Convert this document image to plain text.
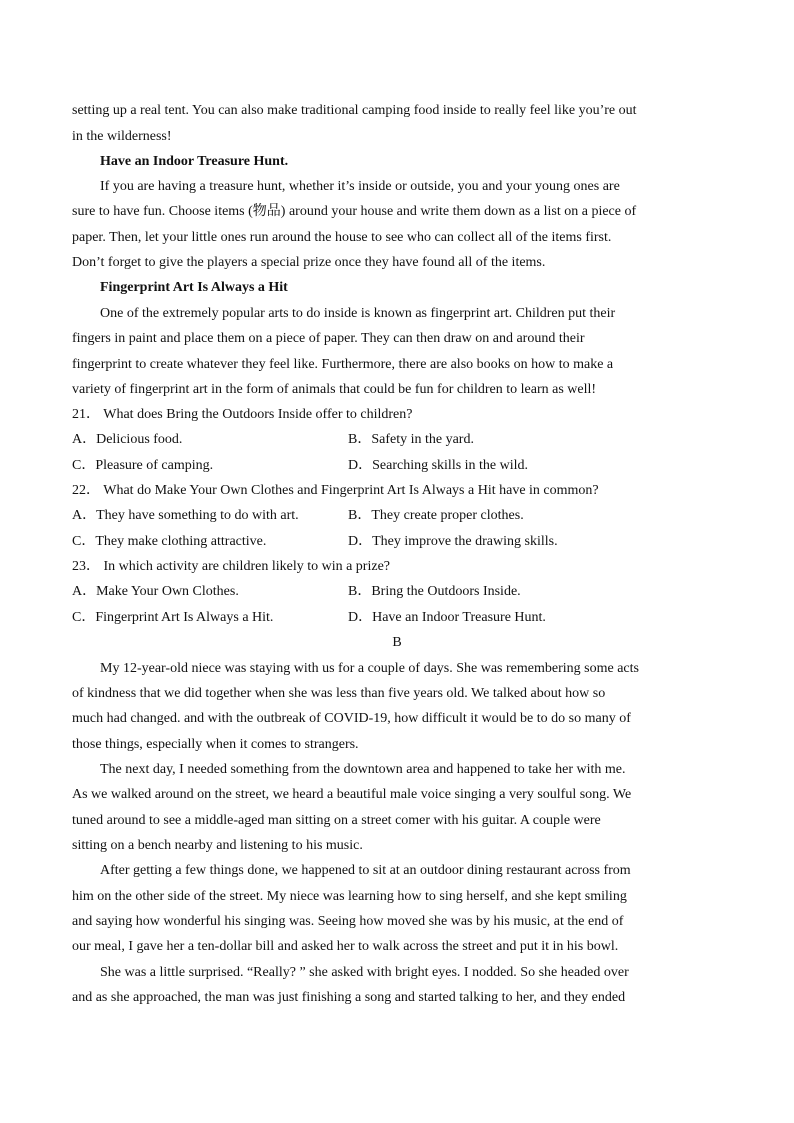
setting up a real tent. You can also make traditional camping food inside to really feel like you’re out
in the wilderness!
Have an Indoor Treasure Hunt.
If you are having a treasure hunt, whether it’s inside or outside, you and your young ones are
sure to have fun. Choose items (物品) around your house and write them down as a list on a piece of
paper. Then, let your little ones run around the house to see who can collect all of the items first.
Don’t forget to give the players a special prize once they have found all of the items.
Fingerprint Art Is Always a Hit
One of the extremely popular arts to do inside is known as fingerprint art. Children put their
fingers in paint and place them on a piece of paper. They can then draw on and around their
fingerprint to create whatever they feel like. Furthermore, there are also books on how to make a
variety of fingerprint art in the form of animals that could be fun for children to learn as well!
21． What does Bring the Outdoors Inside offer to children?
A．Delicious food.	B．Safety in the yard.
C．Pleasure of camping.	D．Searching skills in the wild.
22． What do Make Your Own Clothes and Fingerprint Art Is Always a Hit have in common?
A．They have something to do with art.	B．They create proper clothes.
C．They make clothing attractive.	D．They improve the drawing skills.
23． In which activity are children likely to win a prize?
A．Make Your Own Clothes.	B．Bring the Outdoors Inside.
C．Fingerprint Art Is Always a Hit.	D．Have an Indoor Treasure Hunt.
B
My 12-year-old niece was staying with us for a couple of days. She was remembering some acts
of kindness that we did together when she was less than five years old. We talked about how so
much had changed. and with the outbreak of COVID-19, how difficult it would be to do so many of
those things, especially when it comes to strangers.
The next day, I needed something from the downtown area and happened to take her with me.
As we walked around on the street, we heard a beautiful male voice singing a very soulful song. We
tuned around to see a middle-aged man sitting on a street comer with his guitar. A couple were
sitting on a bench nearby and listening to his music.
After getting a few things done, we happened to sit at an outdoor dining restaurant across from
him on the other side of the street. My niece was learning how to sing herself, and she kept smiling
and saying how wonderful his singing was. Seeing how moved she was by his music, at the end of
our meal, I gave her a ten-dollar bill and asked her to walk across the street and put it in his bowl.
She was a little surprised. “Really? ” she asked with bright eyes. I nodded. So she headed over
and as she approached, the man was just finishing a song and started talking to her, and they ended
